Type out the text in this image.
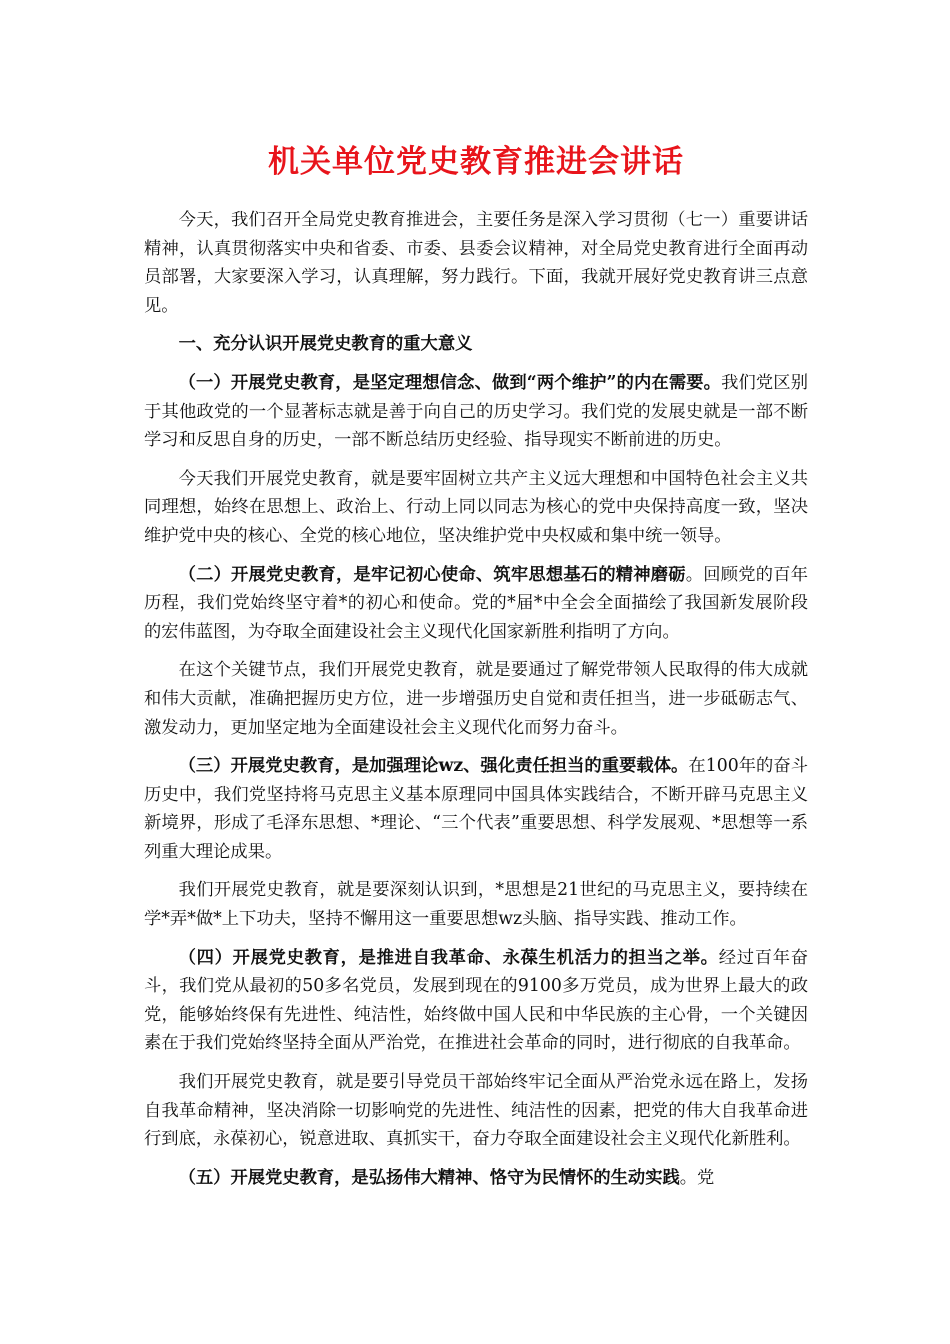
机关单位党史教育推进会讲话

今天，我们召开全局党史教育推进会，主要任务是深入学习贯彻（七一）重要讲话精神，认真贯彻落实中央和省委、市委、县委会议精神，对全局党史教育进行全面再动员部署，大家要深入学习，认真理解，努力践行。下面，我就开展好党史教育讲三点意见。

一、充分认识开展党史教育的重大意义

（一）开展党史教育，是坚定理想信念、做到“两个维护”的内在需要。我们党区别于其他政党的一个显著标志就是善于向自己的历史学习。我们党的发展史就是一部不断学习和反思自身的历史，一部不断总结历史经验、指导现实不断前进的历史。

今天我们开展党史教育，就是要牢固树立共产主义远大理想和中国特色社会主义共同理想，始终在思想上、政治上、行动上同以同志为核心的党中央保持高度一致，坚决维护党中央的核心、全党的核心地位，坚决维护党中央权威和集中统一领导。

（二）开展党史教育，是牢记初心使命、筑牢思想基石的精神磨砺。回顾党的百年历程，我们党始终坚守着*的初心和使命。党的*届*中全会全面描绘了我国新发展阶段的宏伟蓝图，为夺取全面建设社会主义现代化国家新胜利指明了方向。

在这个关键节点，我们开展党史教育，就是要通过了解党带领人民取得的伟大成就和伟大贡献，准确把握历史方位，进一步增强历史自觉和责任担当，进一步砥砺志气、激发动力，更加坚定地为全面建设社会主义现代化而努力奋斗。

（三）开展党史教育，是加强理论wz、强化责任担当的重要载体。在100年的奋斗历史中，我们党坚持将马克思主义基本原理同中国具体实践结合，不断开辟马克思主义新境界，形成了毛泽东思想、*理论、“三个代表”重要思想、科学发展观、*思想等一系列重大理论成果。

我们开展党史教育，就是要深刻认识到，*思想是21世纪的马克思主义，要持续在学*弄*做*上下功夫，坚持不懈用这一重要思想wz头脑、指导实践、推动工作。

（四）开展党史教育，是推进自我革命、永葆生机活力的担当之举。经过百年奋斗，我们党从最初的50多名党员，发展到现在的9100多万党员，成为世界上最大的政党，能够始终保有先进性、纯洁性，始终做中国人民和中华民族的主心骨，一个关键因素在于我们党始终坚持全面从严治党，在推进社会革命的同时，进行彻底的自我革命。

我们开展党史教育，就是要引导党员干部始终牢记全面从严治党永远在路上，发扬自我革命精神，坚决消除一切影响党的先进性、纯洁性的因素，把党的伟大自我革命进行到底，永葆初心，锐意进取、真抓实干，奋力夺取全面建设社会主义现代化新胜利。

（五）开展党史教育，是弘扬伟大精神、恪守为民情怀的生动实践。党
